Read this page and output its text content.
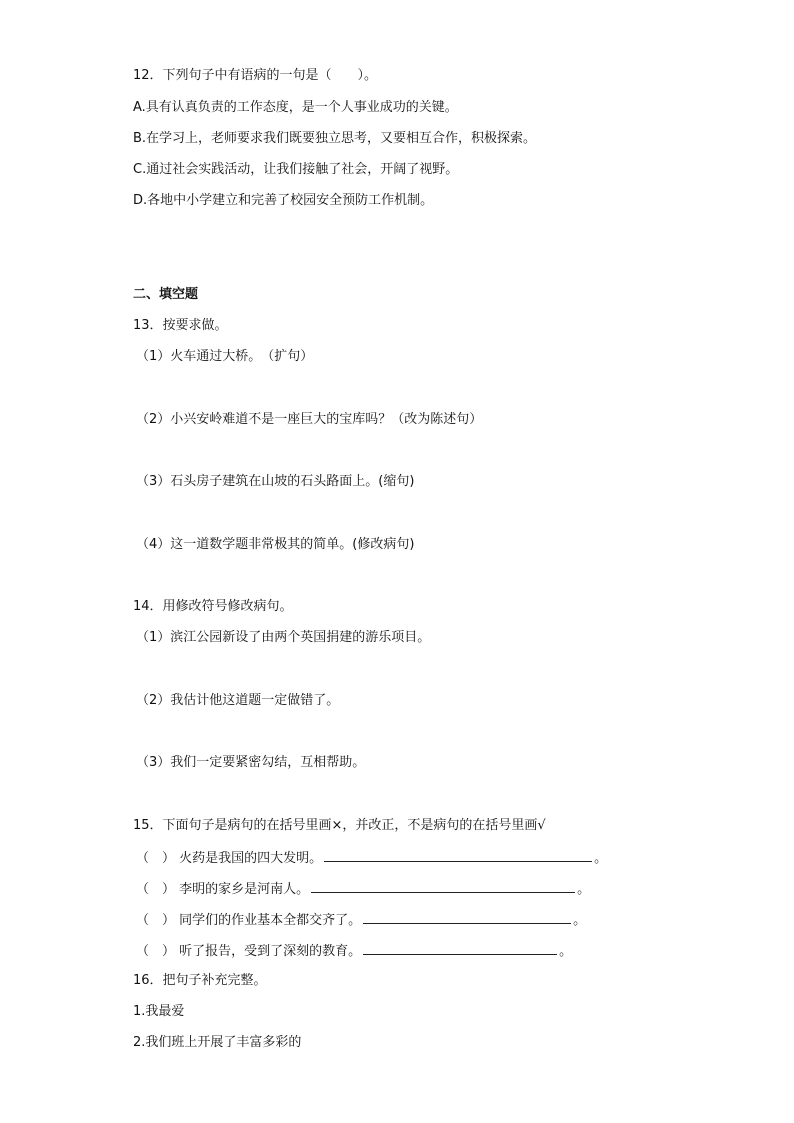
12．下列句子中有语病的一句是（　　）。
A.具有认真负责的工作态度，是一个人事业成功的关键。
B.在学习上，老师要求我们既要独立思考，又要相互合作，积极探索。
C.通过社会实践活动，让我们接触了社会，开阔了视野。
D.各地中小学建立和完善了校园安全预防工作机制。
二、填空题
13．按要求做。
（1）火车通过大桥。　（扩句）
（2）小兴安岭难道不是一座巨大的宝库吗？（改为陈述句）
（3）石头房子建筑在山坡的石头路面上。(缩句)
（4）这一道数学题非常极其的简单。(修改病句)
14．用修改符号修改病句。
（1）滨江公园新设了由两个英国捐建的游乐项目。
（2）我估计他这道题一定做错了。
（3）我们一定要紧密勾结，互相帮助。
15．下面句子是病句的在括号里画×，并改正，不是病句的在括号里画√
（　） 火药是我国的四大发明。	。
（　） 李明的家乡是河南人。	。
（　） 同学们的作业基本全都交齐了。	。
（　） 听了报告，受到了深刻的教育。	。
16．把句子补充完整。
1.我最爱
2.我们班上开展了丰富多彩的
